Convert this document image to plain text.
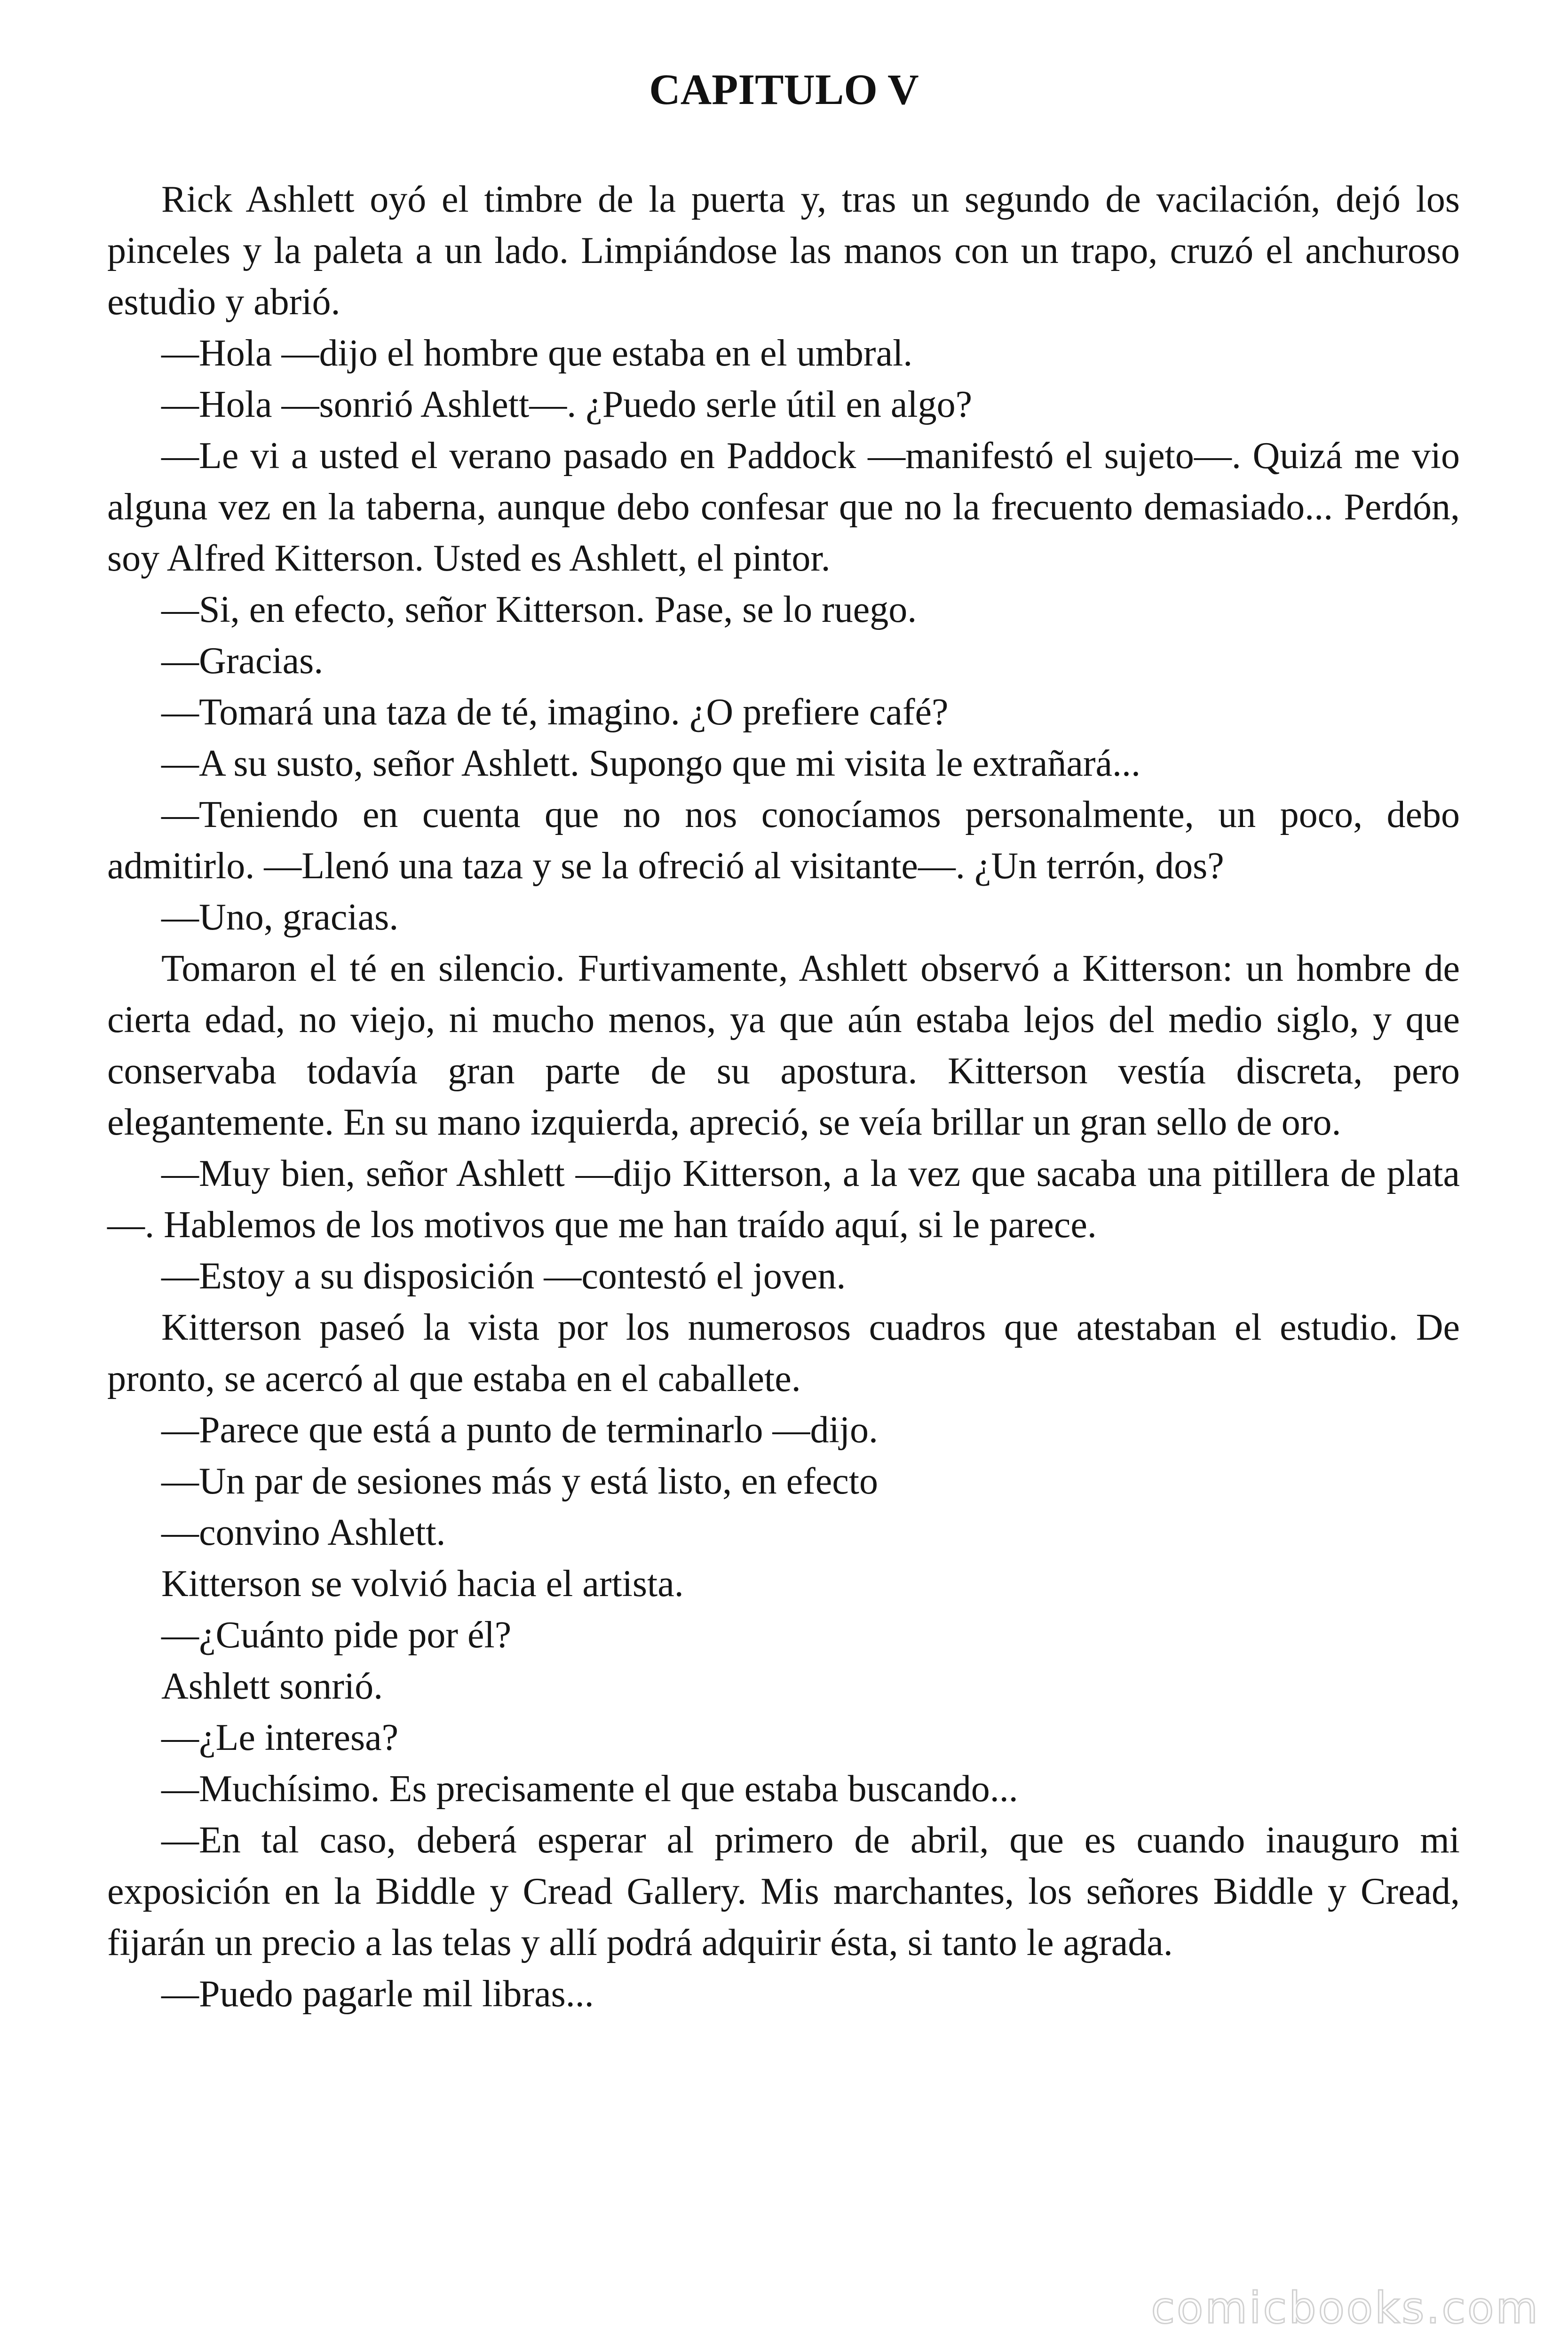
CAPITULO V

Rick Ashlett oyó el timbre de la puerta y, tras un segundo de vacilación, dejó los pinceles y la paleta a un lado. Limpiándose las manos con un trapo, cruzó el anchuroso estudio y abrió.

—Hola —dijo el hombre que estaba en el umbral.

—Hola —sonrió Ashlett—. ¿Puedo serle útil en algo?

—Le vi a usted el verano pasado en Paddock —manifestó el sujeto—. Quizá me vio alguna vez en la taberna, aunque debo confesar que no la frecuento demasiado... Perdón, soy Alfred Kitterson. Usted es Ashlett, el pintor.

—Si, en efecto, señor Kitterson. Pase, se lo ruego.

—Gracias.

—Tomará una taza de té, imagino. ¿O prefiere café?

—A su susto, señor Ashlett. Supongo que mi visita le extrañará...

—Teniendo en cuenta que no nos conocíamos personalmente, un poco, debo admitirlo. —Llenó una taza y se la ofreció al visitante—. ¿Un terrón, dos?

—Uno, gracias.

Tomaron el té en silencio. Furtivamente, Ashlett observó a Kitterson: un hombre de cierta edad, no viejo, ni mucho menos, ya que aún estaba lejos del medio siglo, y que conservaba todavía gran parte de su apostura. Kitterson vestía discreta, pero elegantemente. En su mano izquierda, apreció, se veía brillar un gran sello de oro.

—Muy bien, señor Ashlett —dijo Kitterson, a la vez que sacaba una pitillera de plata—. Hablemos de los motivos que me han traído aquí, si le parece.

—Estoy a su disposición —contestó el joven.

Kitterson paseó la vista por los numerosos cuadros que atestaban el estudio. De pronto, se acercó al que estaba en el caballete.

—Parece que está a punto de terminarlo —dijo.

—Un par de sesiones más y está listo, en efecto

—convino Ashlett.

Kitterson se volvió hacia el artista.

—¿Cuánto pide por él?

Ashlett sonrió.

—¿Le interesa?

—Muchísimo. Es precisamente el que estaba buscando...

—En tal caso, deberá esperar al primero de abril, que es cuando inauguro mi exposición en la Biddle y Cread Gallery. Mis marchantes, los señores Biddle y Cread, fijarán un precio a las telas y allí podrá adquirir ésta, si tanto le agrada.

—Puedo pagarle mil libras...

comicbooks.com
